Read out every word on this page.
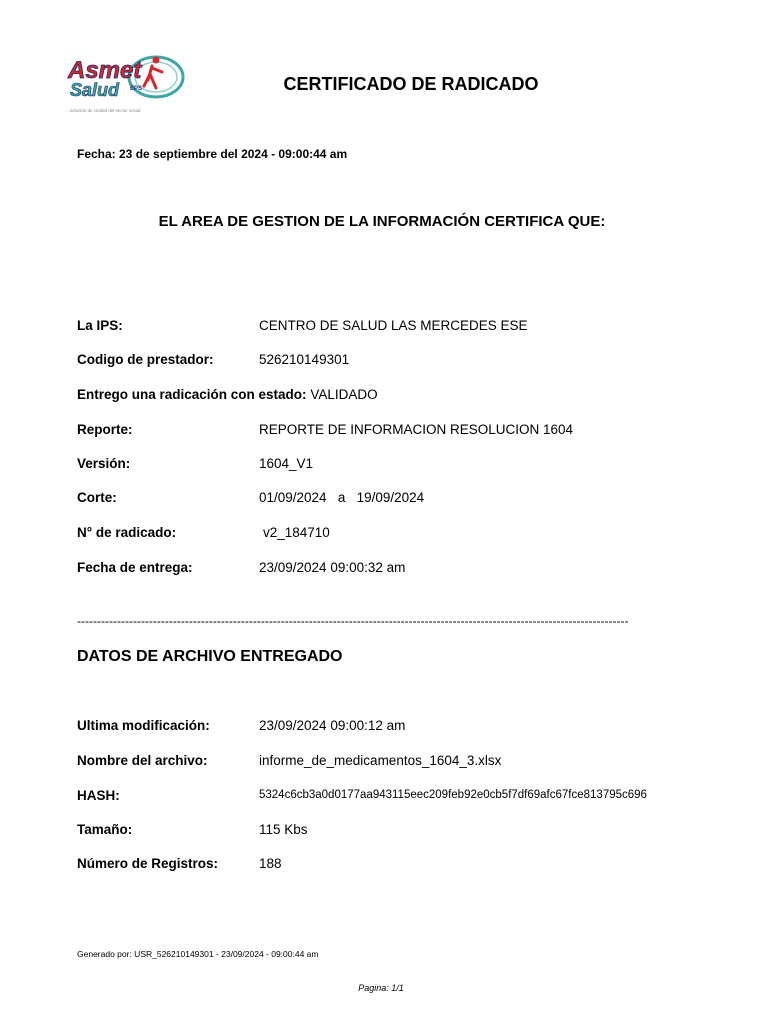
Asmet
Salud EPS
...solución de ciudad del sector social
CERTIFICADO DE RADICADO
Fecha: 23 de septiembre del 2024 - 09:00:44 am
EL AREA DE GESTION DE LA INFORMACIÓN CERTIFICA QUE:
La IPS:	CENTRO DE SALUD LAS MERCEDES ESE
Codigo de prestador:	526210149301
Entrego una radicación con estado: VALIDADO
Reporte:	REPORTE DE INFORMACION RESOLUCION 1604
Versión:	1604_V1
Corte:	01/09/2024   a   19/09/2024
N° de radicado:	v2_184710
Fecha de entrega:	23/09/2024 09:00:32 am
------------------------------------------------------------------------------------------------------------------------------------------
DATOS DE ARCHIVO ENTREGADO
Ultima modificación:	23/09/2024 09:00:12 am
Nombre del archivo:	informe_de_medicamentos_1604_3.xlsx
HASH:	5324c6cb3a0d0177aa943115eec209feb92e0cb5f7df69afc67fce813795c696
Tamaño:	115 Kbs
Número de Registros:	188
Generado por: USR_526210149301 - 23/09/2024 - 09:00:44 am
Pagina: 1/1
